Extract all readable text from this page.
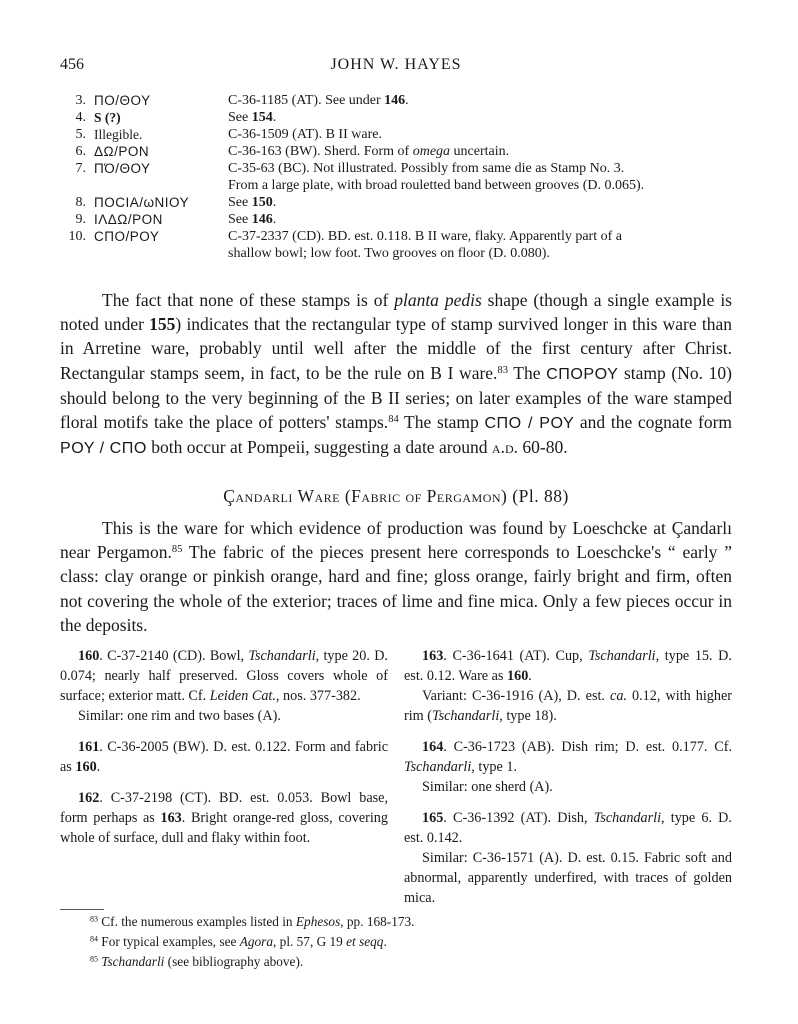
456	JOHN W. HAYES
3. ΠΟ/ΘΟΥ	C-36-1185 (AT). See under 146.
4. S (?)	See 154.
5. Illegible.	C-36-1509 (AT). B II ware.
6. ΔΩ/ΡΟΝ	C-36-163 (BW). Sherd. Form of omega uncertain.
7. ΠΌ/ΘΟΥ	C-35-63 (BC). Not illustrated. Possibly from same die as Stamp No. 3.
From a large plate, with broad rouletted band between grooves (D. 0.065).
8. ΠΟCΙΑ/ωΝΙΟΥ	See 150.
9. ΙΛΔΩ/ΡΟΝ	See 146.
10. CΠΟ/ΡΟΥ	C-37-2337 (CD). BD. est. 0.118. B II ware, flaky. Apparently part of a
shallow bowl; low foot. Two grooves on floor (D. 0.080).

The fact that none of these stamps is of planta pedis shape (though a single example is noted under 155) indicates that the rectangular type of stamp survived longer in this ware than in Arretine ware, probably until well after the middle of the first century after Christ. Rectangular stamps seem, in fact, to be the rule on B I ware.$^{83}$ The CΠΟΡΟΥ stamp (No. 10) should belong to the very beginning of the B II series; on later examples of the ware stamped floral motifs take the place of potters' stamps.$^{84}$ The stamp CΠΟ / ΡΟΥ and the cognate form ΡΟΥ / CΠΟ both occur at Pompeii, suggesting a date around a.d. 60-80.

Çandarli Ware (Fabric of Pergamon) (Pl. 88)

This is the ware for which evidence of production was found by Loeschcke at Çandarlı near Pergamon.$^{85}$ The fabric of the pieces present here corresponds to Loeschcke's “ early ” class: clay orange or pinkish orange, hard and fine; gloss orange, fairly bright and firm, often not covering the whole of the exterior; traces of lime and fine mica. Only a few pieces occur in the deposits.

160. C-37-2140 (CD). Bowl, Tschandarli, type 20. D. 0.074; nearly half preserved. Gloss covers whole of surface; exterior matt. Cf. Leiden Cat., nos. 377-382.

Similar: one rim and two bases (A).

161. C-36-2005 (BW). D. est. 0.122. Form and fabric as 160.

162. C-37-2198 (CT). BD. est. 0.053. Bowl base, form perhaps as 163. Bright orange-red gloss, covering whole of surface, dull and flaky within foot.

163. C-36-1641 (AT). Cup, Tschandarli, type 15. D. est. 0.12. Ware as 160.

Variant: C-36-1916 (A), D. est. ca. 0.12, with higher rim (Tschandarli, type 18).

164. C-36-1723 (AB). Dish rim; D. est. 0.177. Cf. Tschandarli, type 1.

Similar: one sherd (A).

165. C-36-1392 (AT). Dish, Tschandarli, type 6. D. est. 0.142.

Similar: C-36-1571 (A). D. est. 0.15. Fabric soft and abnormal, apparently underfired, with traces of golden mica.

$^{83}$ Cf. the numerous examples listed in Ephesos, pp. 168-173.

$^{84}$ For typical examples, see Agora, pl. 57, G 19 et seqq.

$^{85}$ Tschandarli (see bibliography above).
